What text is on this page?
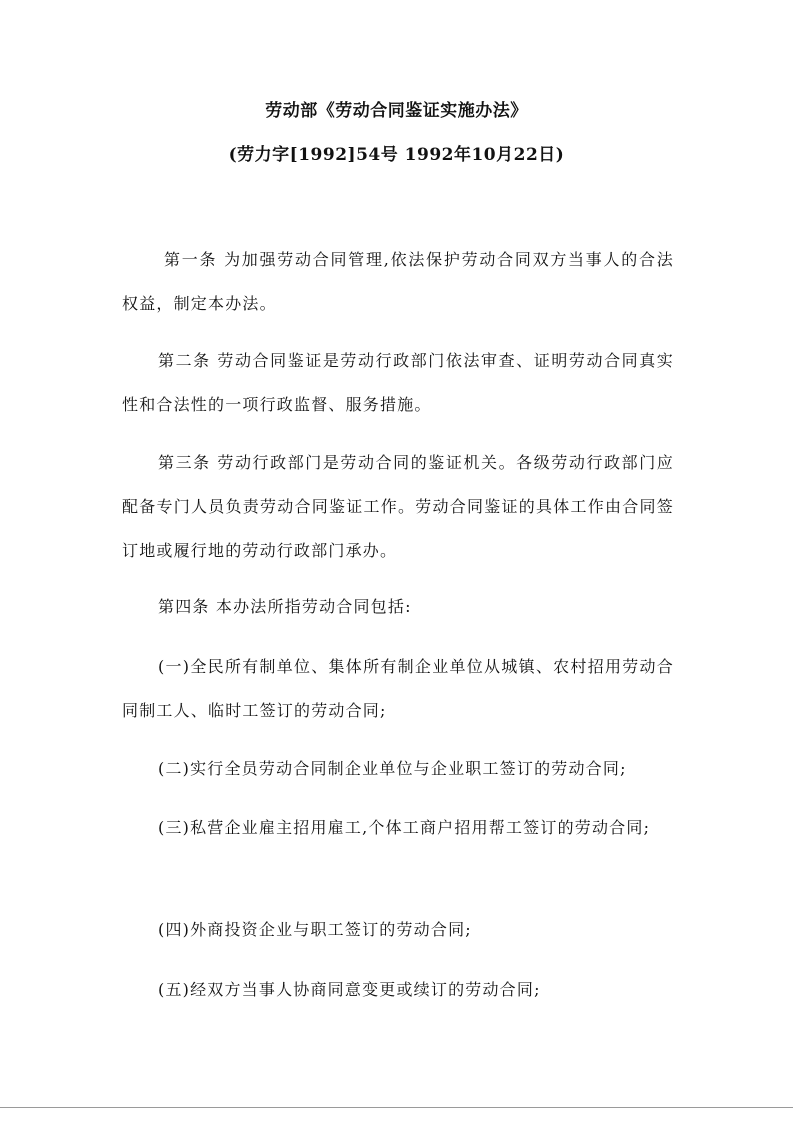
劳动部《劳动合同鉴证实施办法》
(劳力字[1992]54号 1992年10月22日)

第一条 为加强劳动合同管理,依法保护劳动合同双方当事人的合法权益，制定本办法。

第二条 劳动合同鉴证是劳动行政部门依法审查、证明劳动合同真实性和合法性的一项行政监督、服务措施。

第三条 劳动行政部门是劳动合同的鉴证机关。各级劳动行政部门应配备专门人员负责劳动合同鉴证工作。劳动合同鉴证的具体工作由合同签订地或履行地的劳动行政部门承办。

第四条 本办法所指劳动合同包括:

(一)全民所有制单位、集体所有制企业单位从城镇、农村招用劳动合同制工人、临时工签订的劳动合同;

(二)实行全员劳动合同制企业单位与企业职工签订的劳动合同;

(三)私营企业雇主招用雇工,个体工商户招用帮工签订的劳动合同;

(四)外商投资企业与职工签订的劳动合同;

(五)经双方当事人协商同意变更或续订的劳动合同;
